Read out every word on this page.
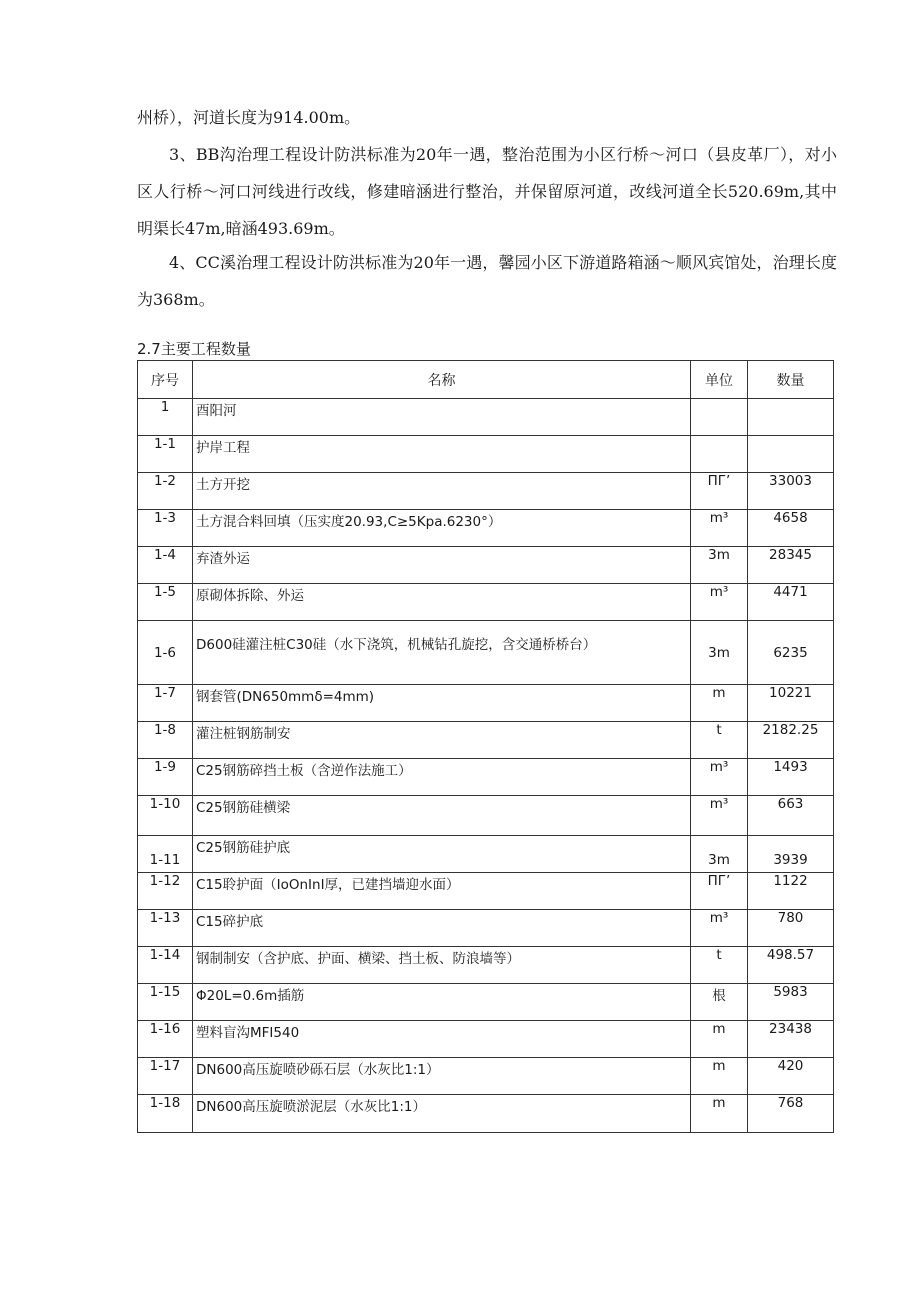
州桥），河道长度为914.00m。

3、BB沟治理工程设计防洪标准为20年一遇，整治范围为小区行桥～河口（县皮革厂），对小区人行桥～河口河线进行改线，修建暗涵进行整治，并保留原河道，改线河道全长520.69m,其中明渠长47m,暗涵493.69m。

4、CC溪治理工程设计防洪标准为20年一遇，馨园小区下游道路箱涵～顺风宾馆处，治理长度为368m。

2.7主要工程数量

序号	名称	单位	数量
1	酉阳河		
1-1	护岸工程		
1-2	土方开挖	ПГ’	33003
1-3	土方混合料回填（压实度20.93,C≥5Kpa.6230°）	m³	4658
1-4	弃渣外运	3m	28345
1-5	原砌体拆除、外运	m³	4471
1-6	D600硅灌注桩C30硅（水下浇筑，机械钻孔旋挖，含交通桥桥台）	3m	6235
1-7	钢套管(DN650mmδ=4mm)	m	10221
1-8	灌注桩钢筋制安	t	2182.25
1-9	C25钢筋碎挡土板（含逆作法施工）	m³	1493
1-10	C25钢筋硅横梁	m³	663
1-11	C25钢筋硅护底	3m	3939
1-12	C15聆护面（IoOnInI厚，已建挡墙迎水面）	ПГ’	1122
1-13	C15碎护底	m³	780
1-14	钢制制安（含护底、护面、横梁、挡土板、防浪墙等）	t	498.57
1-15	Φ20L=0.6m插筋	根	5983
1-16	塑料盲沟MFI540	m	23438
1-17	DN600高压旋喷砂砾石层（水灰比1:1）	m	420
1-18	DN600高压旋喷淤泥层（水灰比1:1）	m	768
